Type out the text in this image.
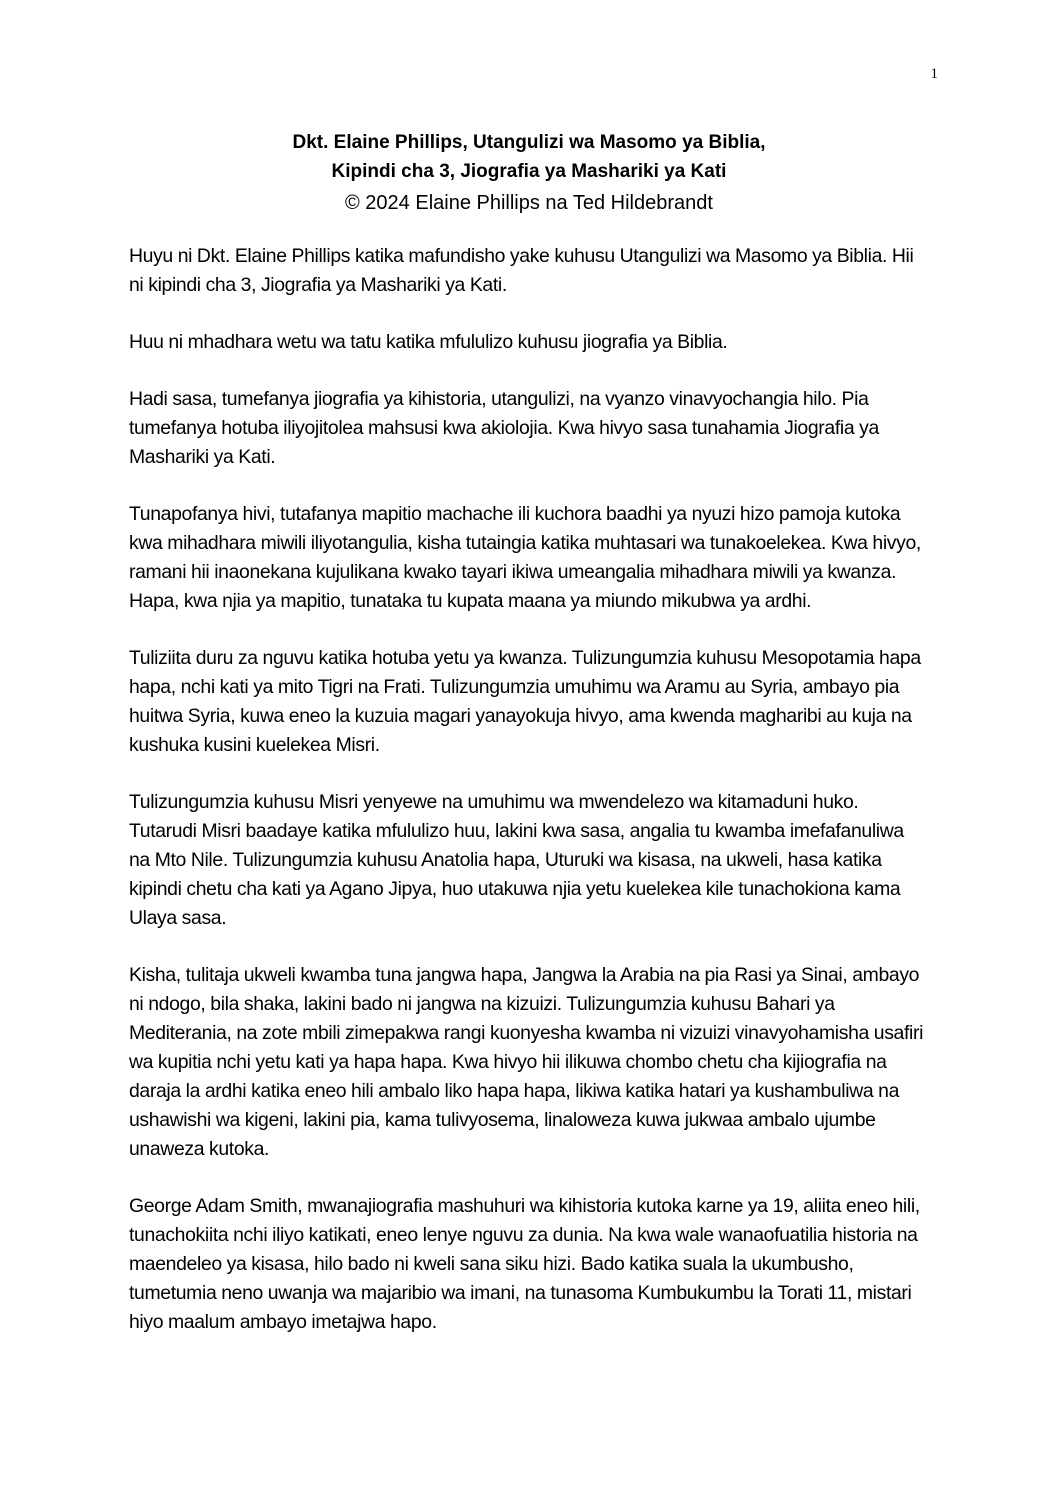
1
Dkt. Elaine Phillips, Utangulizi wa Masomo ya Biblia,
Kipindi cha 3, Jiografia ya Mashariki ya Kati
© 2024 Elaine Phillips na Ted Hildebrandt

Huyu ni Dkt. Elaine Phillips katika mafundisho yake kuhusu Utangulizi wa Masomo ya Biblia. Hii ni kipindi cha 3, Jiografia ya Mashariki ya Kati.

Huu ni mhadhara wetu wa tatu katika mfululizo kuhusu jiografia ya Biblia.

Hadi sasa, tumefanya jiografia ya kihistoria, utangulizi, na vyanzo vinavyochangia hilo. Pia tumefanya hotuba iliyojitolea mahsusi kwa akiolojia. Kwa hivyo sasa tunahamia Jiografia ya Mashariki ya Kati.

Tunapofanya hivi, tutafanya mapitio machache ili kuchora baadhi ya nyuzi hizo pamoja kutoka kwa mihadhara miwili iliyotangulia, kisha tutaingia katika muhtasari wa tunakoelekea. Kwa hivyo, ramani hii inaonekana kujulikana kwako tayari ikiwa umeangalia mihadhara miwili ya kwanza. Hapa, kwa njia ya mapitio, tunataka tu kupata maana ya miundo mikubwa ya ardhi.

Tuliziita duru za nguvu katika hotuba yetu ya kwanza. Tulizungumzia kuhusu Mesopotamia hapa hapa, nchi kati ya mito Tigri na Frati. Tulizungumzia umuhimu wa Aramu au Syria, ambayo pia huitwa Syria, kuwa eneo la kuzuia magari yanayokuja hivyo, ama kwenda magharibi au kuja na kushuka kusini kuelekea Misri.

Tulizungumzia kuhusu Misri yenyewe na umuhimu wa mwendelezo wa kitamaduni huko. Tutarudi Misri baadaye katika mfululizo huu, lakini kwa sasa, angalia tu kwamba imefafanuliwa na Mto Nile. Tulizungumzia kuhusu Anatolia hapa, Uturuki wa kisasa, na ukweli, hasa katika kipindi chetu cha kati ya Agano Jipya, huo utakuwa njia yetu kuelekea kile tunachokiona kama Ulaya sasa.

Kisha, tulitaja ukweli kwamba tuna jangwa hapa, Jangwa la Arabia na pia Rasi ya Sinai, ambayo ni ndogo, bila shaka, lakini bado ni jangwa na kizuizi. Tulizungumzia kuhusu Bahari ya Mediterania, na zote mbili zimepakwa rangi kuonyesha kwamba ni vizuizi vinavyohamisha usafiri wa kupitia nchi yetu kati ya hapa hapa. Kwa hivyo hii ilikuwa chombo chetu cha kijiografia na daraja la ardhi katika eneo hili ambalo liko hapa hapa, likiwa katika hatari ya kushambuliwa na ushawishi wa kigeni, lakini pia, kama tulivyosema, linaloweza kuwa jukwaa ambalo ujumbe unaweza kutoka.

George Adam Smith, mwanajiografia mashuhuri wa kihistoria kutoka karne ya 19, aliita eneo hili, tunachokiita nchi iliyo katikati, eneo lenye nguvu za dunia. Na kwa wale wanaofuatilia historia na maendeleo ya kisasa, hilo bado ni kweli sana siku hizi. Bado katika suala la ukumbusho, tumetumia neno uwanja wa majaribio wa imani, na tunasoma Kumbukumbu la Torati 11, mistari hiyo maalum ambayo imetajwa hapo.
